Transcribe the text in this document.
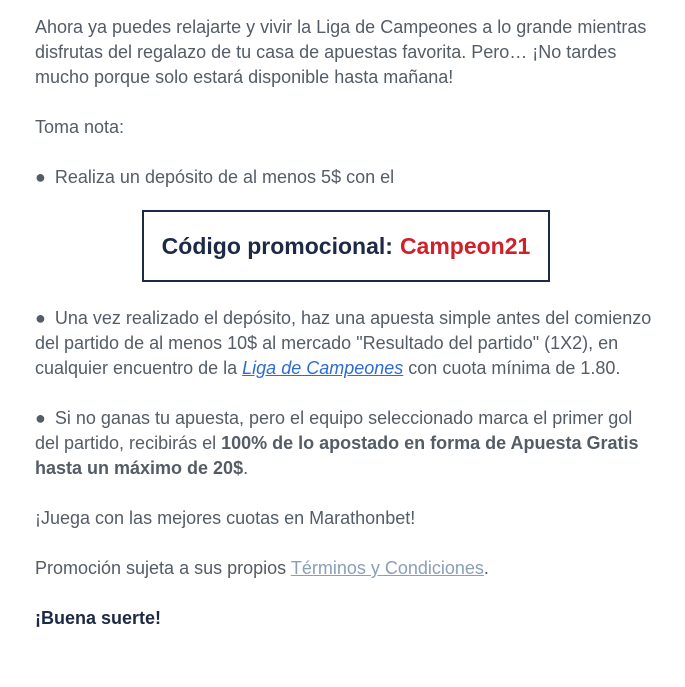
Ahora ya puedes relajarte y vivir la Liga de Campeones a lo grande mientras disfrutas del regalazo de tu casa de apuestas favorita. Pero… ¡No tardes mucho porque solo estará disponible hasta mañana!

Toma nota:

● Realiza un depósito de al menos 5$ con el

Código promocional: Campeon21

● Una vez realizado el depósito, haz una apuesta simple antes del comienzo del partido de al menos 10$ al mercado "Resultado del partido" (1X2), en cualquier encuentro de la Liga de Campeones con cuota mínima de 1.80.

● Si no ganas tu apuesta, pero el equipo seleccionado marca el primer gol del partido, recibirás el 100% de lo apostado en forma de Apuesta Gratis hasta un máximo de 20$.

¡Juega con las mejores cuotas en Marathonbet!

Promoción sujeta a sus propios Términos y Condiciones.

¡Buena suerte!
